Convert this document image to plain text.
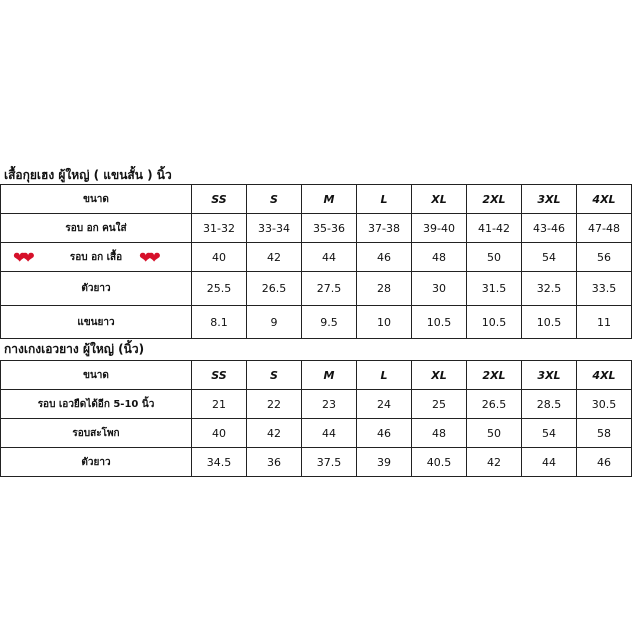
เสื้อกุยเฮง ผู้ใหญ่ ( แขนสั้น ) นิ้ว
ขนาด	SS	S	M	L	XL	2XL	3XL	4XL
รอบ อก คนใส่	31-32	33-34	35-36	37-38	39-40	41-42	43-46	47-48

❤❤ รอบ อก เสื้อ ❤❤	40	42	44	46	48	50	54	56
ตัวยาว	25.5	26.5	27.5	28	30	31.5	32.5	33.5
แขนยาว	8.1	9	9.5	10	10.5	10.5	10.5	11
กางเกงเอวยาง ผู้ใหญ่ (นิ้ว)
ขนาด	SS	S	M	L	XL	2XL	3XL	4XL
รอบ เอวยืดได้อีก 5-10 นิ้ว	21	22	23	24	25	26.5	28.5	30.5
รอบสะโพก	40	42	44	46	48	50	54	58
ตัวยาว	34.5	36	37.5	39	40.5	42	44	46
